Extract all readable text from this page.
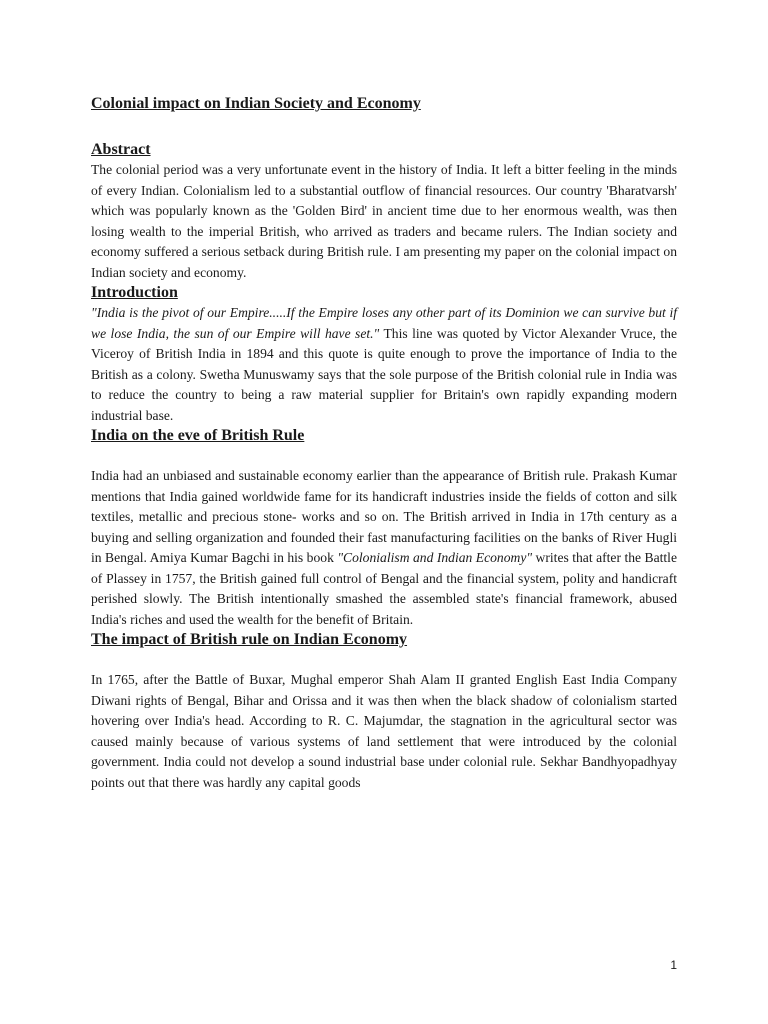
Colonial impact on Indian Society and Economy
Abstract

The colonial period was a very unfortunate event in the history of India. It left a bitter feeling in the minds of every Indian. Colonialism led to a substantial outflow of financial resources. Our country 'Bharatvarsh' which was popularly known as the 'Golden Bird' in ancient time due to her enormous wealth, was then losing wealth to the imperial British, who arrived as traders and became rulers. The Indian society and economy suffered a serious setback during British rule. I am presenting my paper on the colonial impact on Indian society and economy.

Introduction

"India is the pivot of our Empire.....If the Empire loses any other part of its Dominion we can survive but if we lose India, the sun of our Empire will have set." This line was quoted by Victor Alexander Vruce, the Viceroy of British India in 1894 and this quote is quite enough to prove the importance of India to the British as a colony. Swetha Munuswamy says that the sole purpose of the British colonial rule in India was to reduce the country to being a raw material supplier for Britain's own rapidly expanding modern industrial base.

India on the eve of British Rule

India had an unbiased and sustainable economy earlier than the appearance of British rule. Prakash Kumar mentions that India gained worldwide fame for its handicraft industries inside the fields of cotton and silk textiles, metallic and precious stone- works and so on. The British arrived in India in 17th century as a buying and selling organization and founded their fast manufacturing facilities on the banks of River Hugli in Bengal. Amiya Kumar Bagchi in his book "Colonialism and Indian Economy" writes that after the Battle of Plassey in 1757, the British gained full control of Bengal and the financial system, polity and handicraft perished slowly. The British intentionally smashed the assembled state's financial framework, abused India's riches and used the wealth for the benefit of Britain.

The impact of British rule on Indian Economy

In 1765, after the Battle of Buxar, Mughal emperor Shah Alam II granted English East India Company Diwani rights of Bengal, Bihar and Orissa and it was then when the black shadow of colonialism started hovering over India's head. According to R. C. Majumdar, the stagnation in the agricultural sector was caused mainly because of various systems of land settlement that were introduced by the colonial government. India could not develop a sound industrial base under colonial rule. Sekhar Bandhyopadhyay points out that there was hardly any capital goods

1
